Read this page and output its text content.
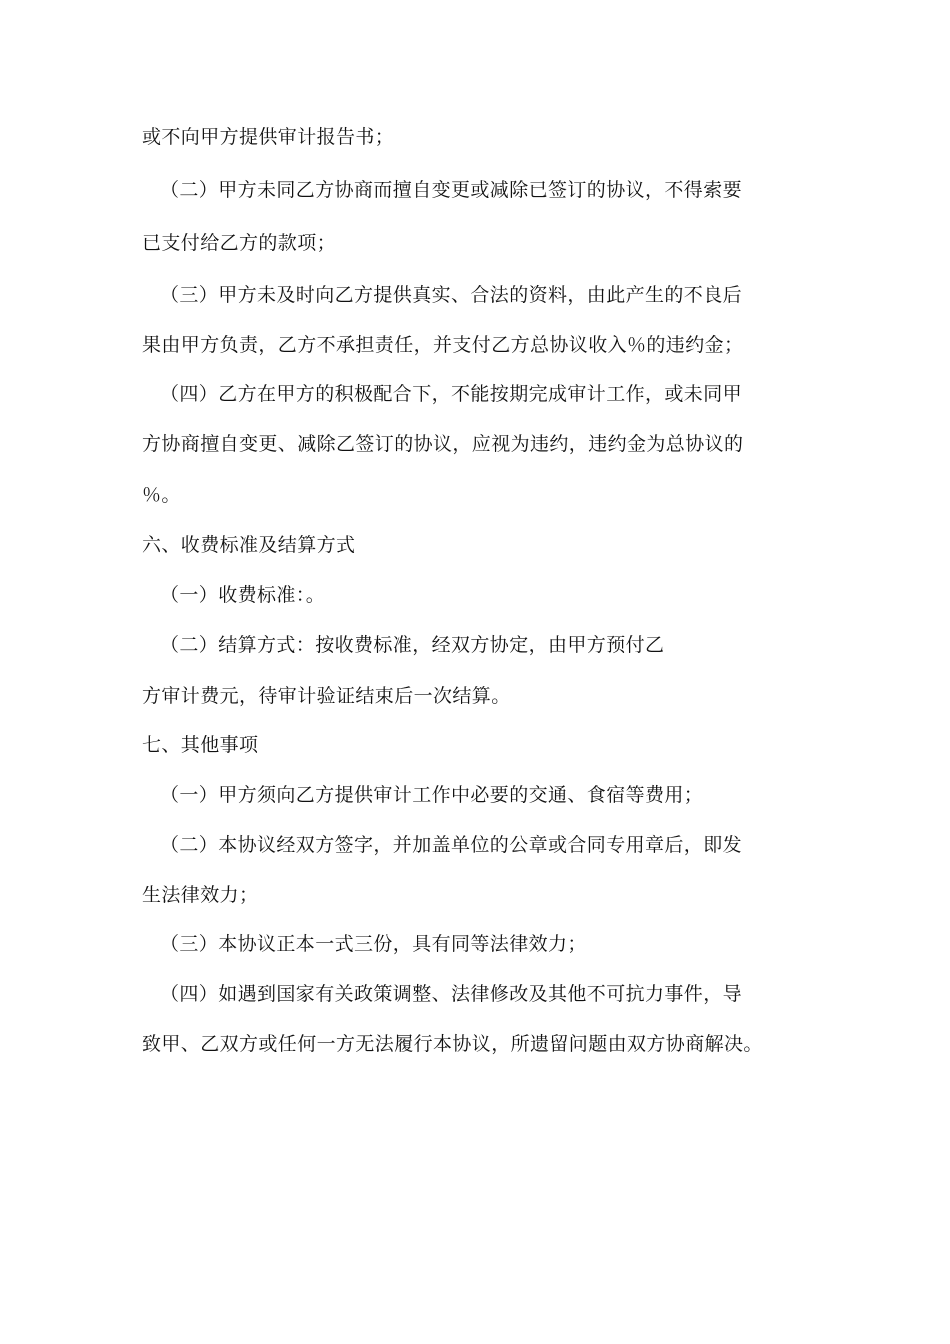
或不向甲方提供审计报告书；
（二）甲方未同乙方协商而擅自变更或减除已签订的协议，不得索要
已支付给乙方的款项；
（三）甲方未及时向乙方提供真实、合法的资料，由此产生的不良后
果由甲方负责，乙方不承担责任，并支付乙方总协议收入％的违约金；
（四）乙方在甲方的积极配合下，不能按期完成审计工作，或未同甲
方协商擅自变更、减除乙签订的协议，应视为违约，违约金为总协议的
％。
六、收费标准及结算方式
（一）收费标准：。
（二）结算方式：按收费标准，经双方协定，由甲方预付乙
方审计费元，待审计验证结束后一次结算。
七、其他事项
（一）甲方须向乙方提供审计工作中必要的交通、食宿等费用；
（二）本协议经双方签字，并加盖单位的公章或合同专用章后，即发
生法律效力；
（三）本协议正本一式三份，具有同等法律效力；
（四）如遇到国家有关政策调整、法律修改及其他不可抗力事件，导
致甲、乙双方或任何一方无法履行本协议，所遗留问题由双方协商解决。
